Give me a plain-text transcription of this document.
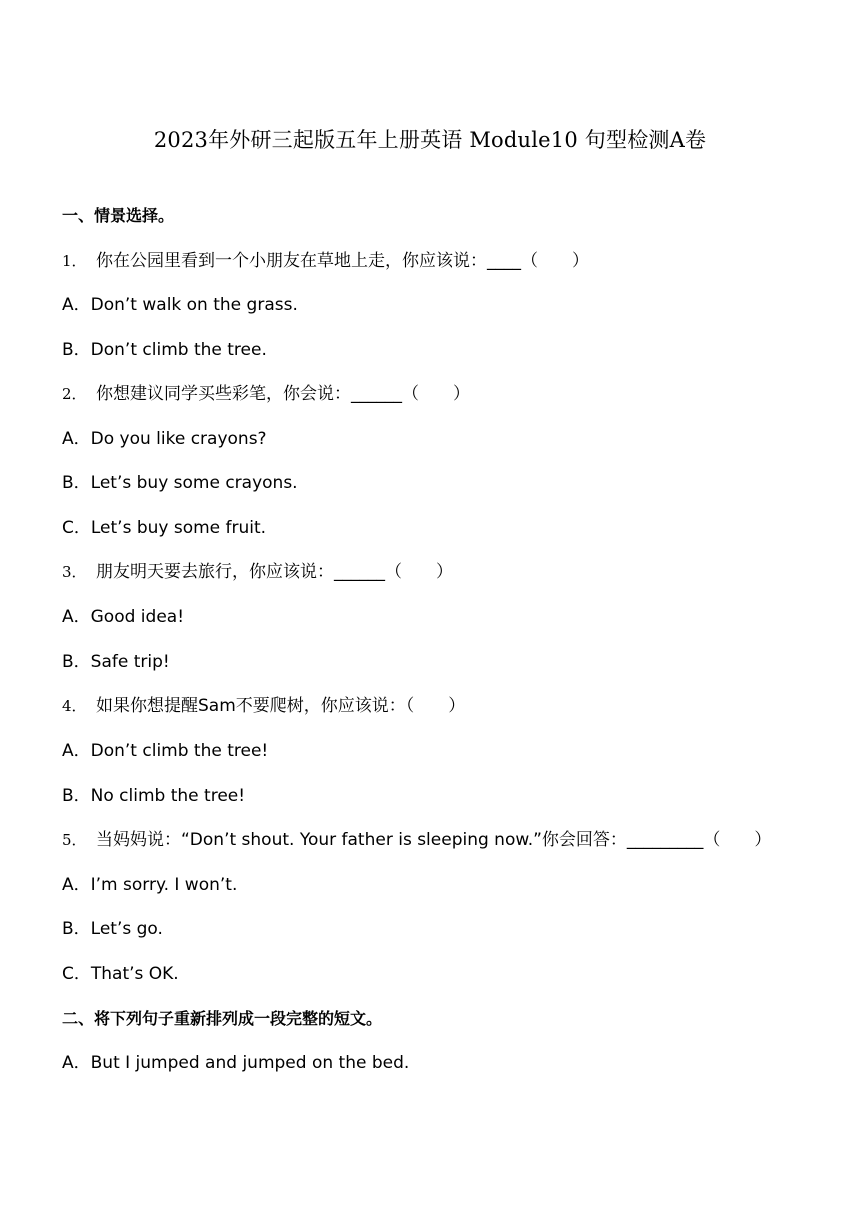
2023年外研三起版五年上册英语 Module10 句型检测A卷
一、情景选择。
1． 你在公园里看到一个小朋友在草地上走，你应该说：____（　　）
A．Don’t walk on the grass.
B．Don’t climb the tree.
2． 你想建议同学买些彩笔，你会说：______（　　）
A．Do you like crayons?
B．Let’s buy some crayons.
C．Let’s buy some fruit.
3． 朋友明天要去旅行，你应该说：______（　　）
A．Good idea!
B．Safe trip!
4． 如果你想提醒Sam不要爬树，你应该说：（　　）
A．Don’t climb the tree!
B．No climb the tree!
5． 当妈妈说：“Don’t shout. Your father is sleeping now.”你会回答：_________（　　）
A．I’m sorry. I won’t.
B．Let’s go.
C．That’s OK.
二、将下列句子重新排列成一段完整的短文。
A．But I jumped and jumped on the bed.
